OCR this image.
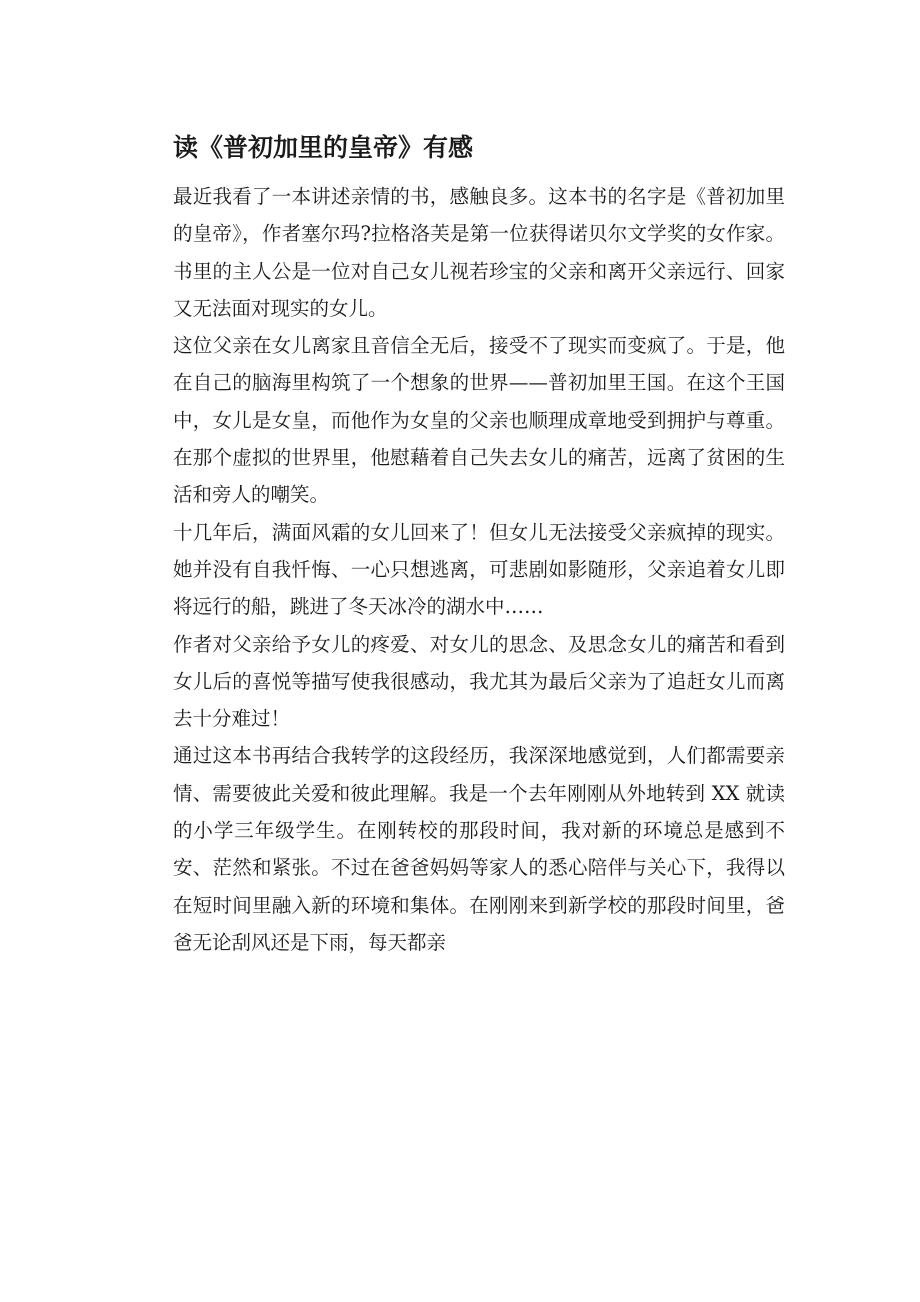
读《普初加里的皇帝》有感

最近我看了一本讲述亲情的书，感触良多。这本书的名字是《普初加里的皇帝》，作者塞尔玛?拉格洛芙是第一位获得诺贝尔文学奖的女作家。书里的主人公是一位对自己女儿视若珍宝的父亲和离开父亲远行、回家又无法面对现实的女儿。

这位父亲在女儿离家且音信全无后，接受不了现实而变疯了。于是，他在自己的脑海里构筑了一个想象的世界——普初加里王国。在这个王国中，女儿是女皇，而他作为女皇的父亲也顺理成章地受到拥护与尊重。在那个虚拟的世界里，他慰藉着自己失去女儿的痛苦，远离了贫困的生活和旁人的嘲笑。

十几年后，满面风霜的女儿回来了！但女儿无法接受父亲疯掉的现实。她并没有自我忏悔、一心只想逃离，可悲剧如影随形，父亲追着女儿即将远行的船，跳进了冬天冰冷的湖水中……

作者对父亲给予女儿的疼爱、对女儿的思念、及思念女儿的痛苦和看到女儿后的喜悦等描写使我很感动，我尤其为最后父亲为了追赶女儿而离去十分难过！

通过这本书再结合我转学的这段经历，我深深地感觉到，人们都需要亲情、需要彼此关爱和彼此理解。我是一个去年刚刚从外地转到 XX 就读的小学三年级学生。在刚转校的那段时间，我对新的环境总是感到不安、茫然和紧张。不过在爸爸妈妈等家人的悉心陪伴与关心下，我得以在短时间里融入新的环境和集体。在刚刚来到新学校的那段时间里，爸爸无论刮风还是下雨，每天都亲
